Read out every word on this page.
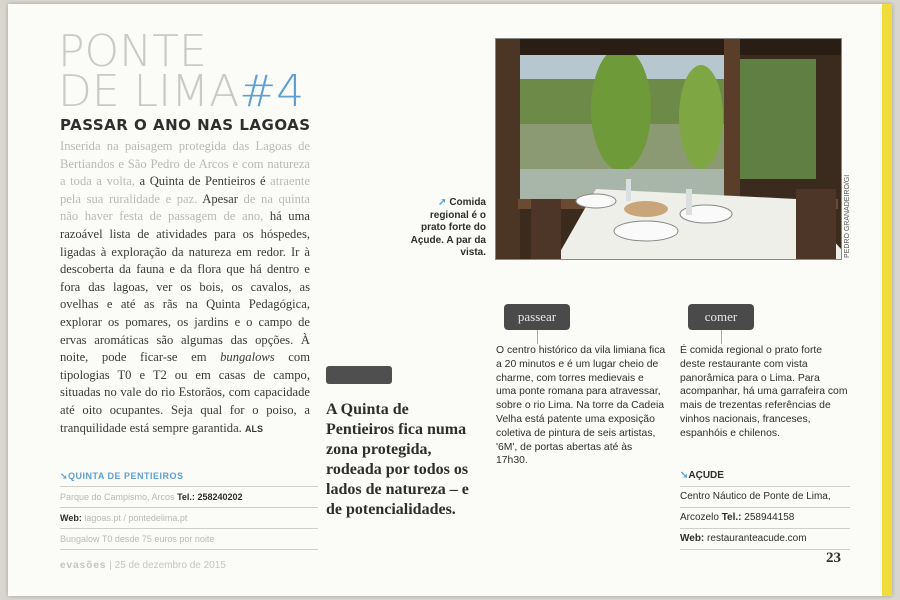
PONTE
DE LIMA#4
PASSAR O ANO NAS LAGOAS
Inserida na paisagem protegida das Lagoas de Bertiandos e São Pedro de Arcos e com natureza a toda a volta, a Quinta de Pentieiros é atraente pela sua ruralidade e paz. Apesar de na quinta não haver festa de passagem de ano, há uma razoável lista de atividades para os hóspedes, ligadas à exploração da natureza em redor. Ir à descoberta da fauna e da flora que há dentro e fora das lagoas, ver os bois, os cavalos, as ovelhas e até as rãs na Quinta Pedagógica, explorar os pomares, os jardins e o campo de ervas aromáticas são algumas das opções. À noite, pode ficar-se em bungalows com tipologias T0 e T2 ou em casas de campo, situadas no vale do rio Estorãos, com capacidade até oito ocupantes. Seja qual for o poiso, a tranquilidade está sempre garantida. ALS
➘QUINTA DE PENTIEIROS
Parque do Campismo, Arcos Tel.: 258240202
Web: lagoas.pt / pontedelima.pt
Bungalow T0 desde 75 euros por noite
evasões | 25 de dezembro de 2015
PEDRO GRANADEIRO/GI
➚ Comida regional é o prato forte do Açude. A par da vista.
A Quinta de Pentieiros fica numa zona protegida, rodeada por todos os lados de natureza – e de potencialidades.
passear
O centro histórico da vila limiana fica a 20 minutos e é um lugar cheio de charme, com torres medievais e uma ponte romana para atravessar, sobre o rio Lima. Na torre da Cadeia Velha está patente uma exposição coletiva de pintura de seis artistas, '6M', de portas abertas até às 17h30.
comer
É comida regional o prato forte deste restaurante com vista panorâmica para o Lima. Para acompanhar, há uma garrafeira com mais de trezentas referências de vinhos nacionais, franceses, espanhóis e chilenos.
➘AÇUDE
Centro Náutico de Ponte de Lima,
Arcozelo Tel.: 258944158
Web: restauranteacude.com
23
